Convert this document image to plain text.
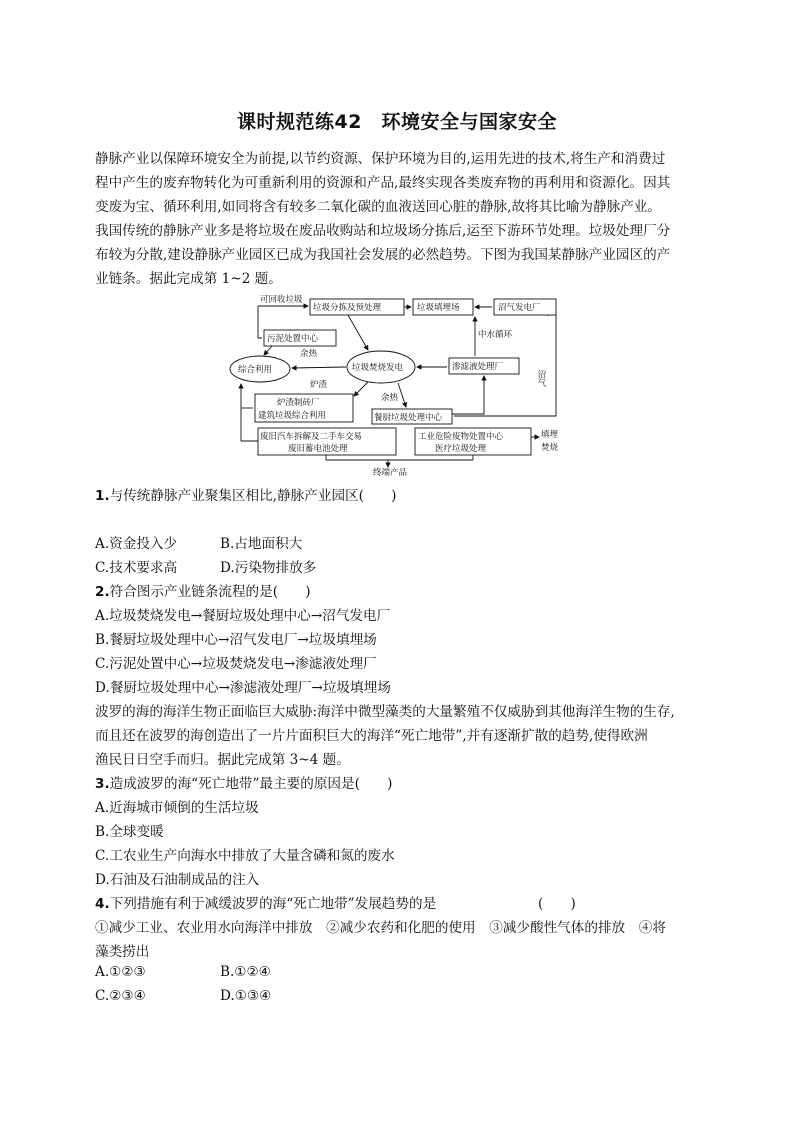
课时规范练42　环境安全与国家安全
静脉产业以保障环境安全为前提,以节约资源、保护环境为目的,运用先进的技术,将生产和消费过
程中产生的废弃物转化为可重新利用的资源和产品,最终实现各类废弃物的再利用和资源化。因其
变废为宝、循环利用,如同将含有较多二氧化碳的血液送回心脏的静脉,故将其比喻为静脉产业。
我国传统的静脉产业多是将垃圾在废品收购站和垃圾场分拣后,运至下游环节处理。垃圾处理厂分
布较为分散,建设静脉产业园区已成为我国社会发展的必然趋势。下图为我国某静脉产业园区的产
业链条。据此完成第 1~2 题。
可回收垃圾
垃圾分拣及预处理	垃圾填埋场	沼气发电厂
污泥处置中心	中水循环
余热
综合利用	垃圾焚烧发电	渗滤液处理厂
沼气
炉渣
炉渣制砖厂
建筑垃圾综合利用
余热
餐厨垃圾处理中心
废旧汽车拆解及二手车交易
废旧蓄电池处理
工业危险废物处置中心
医疗垃圾处理
填埋
焚烧
终端产品
1.与传统静脉产业聚集区相比,静脉产业园区(　　)
A.资金投入少	B.占地面积大
C.技术要求高	D.污染物排放多
2.符合图示产业链条流程的是(　　)
A.垃圾焚烧发电→餐厨垃圾处理中心→沼气发电厂
B.餐厨垃圾处理中心→沼气发电厂→垃圾填埋场
C.污泥处置中心→垃圾焚烧发电→渗滤液处理厂
D.餐厨垃圾处理中心→渗滤液处理厂→垃圾填埋场
波罗的海的海洋生物正面临巨大威胁:海洋中微型藻类的大量繁殖不仅威胁到其他海洋生物的生存,
而且还在波罗的海创造出了一片片面积巨大的海洋“死亡地带”,并有逐渐扩散的趋势,使得欧洲
渔民日日空手而归。据此完成第 3~4 题。
3.造成波罗的海“死亡地带”最主要的原因是(　　)
A.近海城市倾倒的生活垃圾
B.全球变暖
C.工农业生产向海水中排放了大量含磷和氮的废水
D.石油及石油制成品的注入
4.下列措施有利于减缓波罗的海“死亡地带”发展趋势的是	(　　)
①减少工业、农业用水向海洋中排放　②减少农药和化肥的使用　③减少酸性气体的排放　④将
藻类捞出
A.①②③	B.①②④
C.②③④	D.①③④
